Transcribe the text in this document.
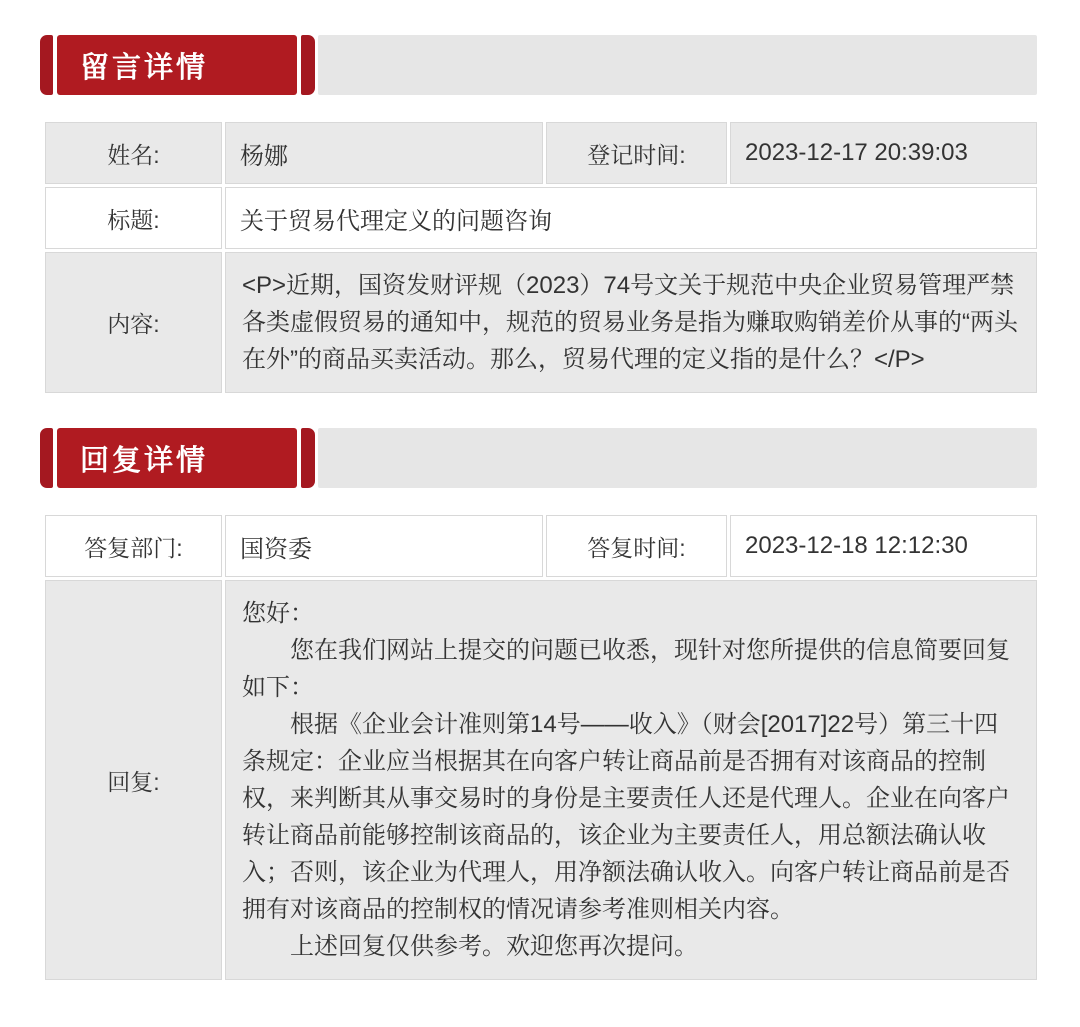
留言详情
姓名:	杨娜	登记时间:	2023-12-17 20:39:03
标题:	关于贸易代理定义的问题咨询		
内容:	<P>近期，国资发财评规（2023）74号文关于规范中央企业贸易管理严禁各类虚假贸易的通知中，规范的贸易业务是指为赚取购销差价从事的“两头在外”的商品买卖活动。那么，贸易代理的定义指的是什么？</P>		

回复详情
答复部门:	国资委	答复时间:	2023-12-18 12:12:30
回复:	您好：

您在我们网站上提交的问题已收悉，现针对您所提供的信息简要回复如下：

根据《企业会计准则第14号——收入》（财会[2017]22号）第三十四条规定：企业应当根据其在向客户转让商品前是否拥有对该商品的控制权，来判断其从事交易时的身份是主要责任人还是代理人。企业在向客户转让商品前能够控制该商品的，该企业为主要责任人，用总额法确认收入；否则，该企业为代理人，用净额法确认收入。向客户转让商品前是否拥有对该商品的控制权的情况请参考准则相关内容。

上述回复仅供参考。欢迎您再次提问。		
